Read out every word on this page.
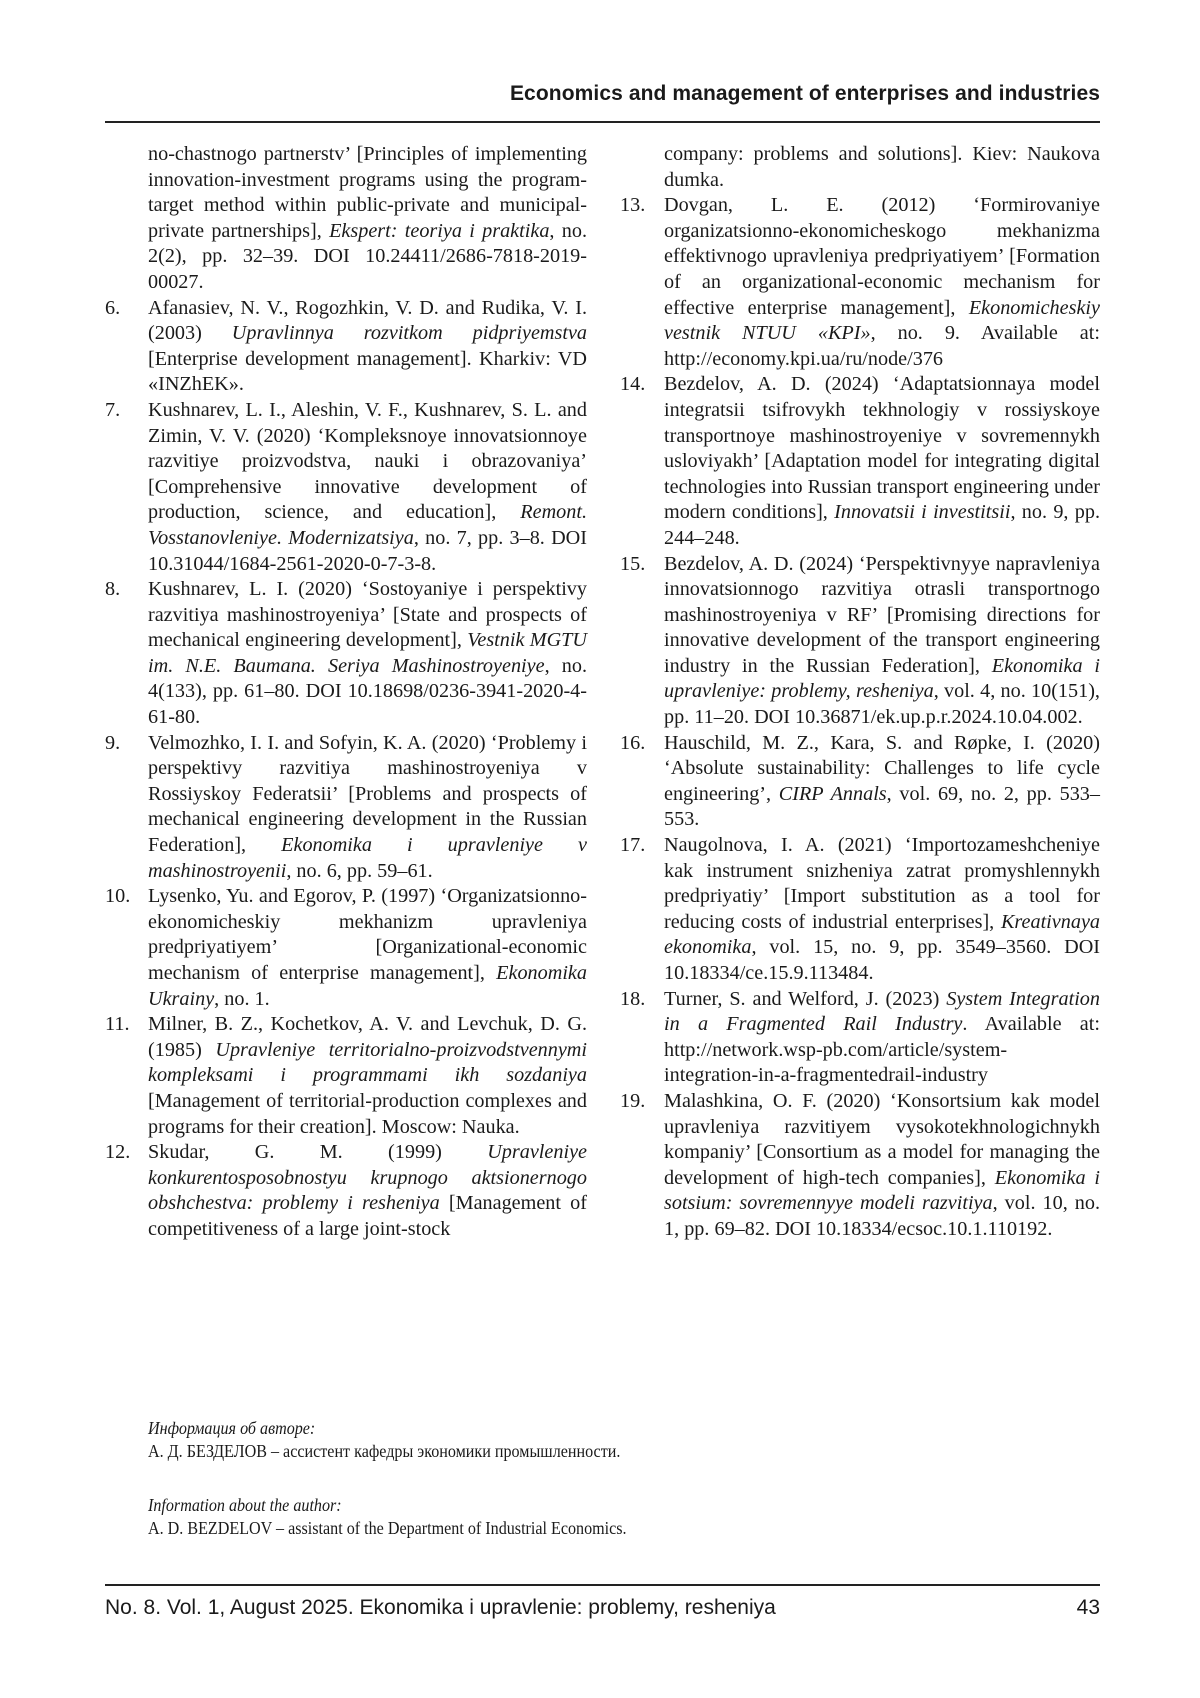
Economics and management of enterprises and industries
no-chastnogo partnerstv’ [Principles of implementing innovation-investment programs using the program-target method within public-private and municipal-private partnerships], Ekspert: teoriya i praktika, no. 2(2), pp. 32–39. DOI 10.24411/2686-7818-2019-00027.
6. Afanasiev, N. V., Rogozhkin, V. D. and Rudika, V. I. (2003) Upravlinnya rozvitkom pidpriyemstva [Enterprise development management]. Kharkiv: VD «INZhEK».
7. Kushnarev, L. I., Aleshin, V. F., Kushnarev, S. L. and Zimin, V. V. (2020) ‘Kompleksnoye innovatsionnoye razvitiye proizvodstva, nauki i obrazovaniya’ [Comprehensive innovative development of production, science, and education], Remont. Vosstanovleniye. Modernizatsiya, no. 7, pp. 3–8. DOI 10.31044/1684-2561-2020-0-7-3-8.
8. Kushnarev, L. I. (2020) ‘Sostoyaniye i perspektivy razvitiya mashinostroyeniya’ [State and prospects of mechanical engineering development], Vestnik MGTU im. N.E. Baumana. Seriya Mashinostroyeniye, no. 4(133), pp. 61–80. DOI 10.18698/0236-3941-2020-4-61-80.
9. Velmozhko, I. I. and Sofyin, K. A. (2020) ‘Problemy i perspektivy razvitiya mashinostroyeniya v Rossiyskoy Federatsii’ [Problems and prospects of mechanical engineering development in the Russian Federation], Ekonomika i upravleniye v mashinostroyenii, no. 6, pp. 59–61.
10. Lysenko, Yu. and Egorov, P. (1997) ‘Organizatsionno-ekonomicheskiy mekhanizm upravleniya predpriyatiyem’ [Organizational-economic mechanism of enterprise management], Ekonomika Ukrainy, no. 1.
11. Milner, B. Z., Kochetkov, A. V. and Levchuk, D. G. (1985) Upravleniye territorialno-proizvodstvennymi kompleksami i programmami ikh sozdaniya [Management of territorial-production complexes and programs for their creation]. Moscow: Nauka.
12. Skudar, G. M. (1999) Upravleniye konkurentosposobnostyu krupnogo aktsionernogo obshchestva: problemy i resheniya [Management of competitiveness of a large joint-stock
company: problems and solutions]. Kiev: Naukova dumka.
13. Dovgan, L. E. (2012) ‘Formirovaniye organizatsionno-ekonomicheskogo mekhanizma effektivnogo upravleniya predpriyatiyem’ [Formation of an organizational-economic mechanism for effective enterprise management], Ekonomicheskiy vestnik NTUU «KPI», no. 9. Available at: http://economy.kpi.ua/ru/node/376
14. Bezdelov, A. D. (2024) ‘Adaptatsionnaya model integratsii tsifrovykh tekhnologiy v rossiyskoye transportnoye mashinostroyeniye v sovremennykh usloviyakh’ [Adaptation model for integrating digital technologies into Russian transport engineering under modern conditions], Innovatsii i investitsii, no. 9, pp. 244–248.
15. Bezdelov, A. D. (2024) ‘Perspektivnyye napravleniya innovatsionnogo razvitiya otrasli transportnogo mashinostroyeniya v RF’ [Promising directions for innovative development of the transport engineering industry in the Russian Federation], Ekonomika i upravleniye: problemy, resheniya, vol. 4, no. 10(151), pp. 11–20. DOI 10.36871/ek.up.p.r.2024.10.04.002.
16. Hauschild, M. Z., Kara, S. and Røpke, I. (2020) ‘Absolute sustainability: Challenges to life cycle engineering’, CIRP Annals, vol. 69, no. 2, pp. 533–553.
17. Naugolnova, I. A. (2021) ‘Importozameshcheniye kak instrument snizheniya zatrat promyshlennykh predpriyatiy’ [Import substitution as a tool for reducing costs of industrial enterprises], Kreativnaya ekonomika, vol. 15, no. 9, pp. 3549–3560. DOI 10.18334/ce.15.9.113484.
18. Turner, S. and Welford, J. (2023) System Integration in a Fragmented Rail Industry. Available at: http://network.wsp-pb.com/article/system-integration-in-a-fragmentedrail-industry
19. Malashkina, O. F. (2020) ‘Konsortsium kak model upravleniya razvitiyem vysokotekhnologichnykh kompaniy’ [Consortium as a model for managing the development of high-tech companies], Ekonomika i sotsium: sovremennyye modeli razvitiya, vol. 10, no. 1, pp. 69–82. DOI 10.18334/ecsoc.10.1.110192.
Информация об авторе:
А. Д. БЕЗДЕЛОВ – ассистент кафедры экономики промышленности.
Information about the author:
A. D. BEZDELOV – assistant of the Department of Industrial Economics.
No. 8. Vol. 1, August 2025. Ekonomika i upravlenie: problemy, resheniya	43
